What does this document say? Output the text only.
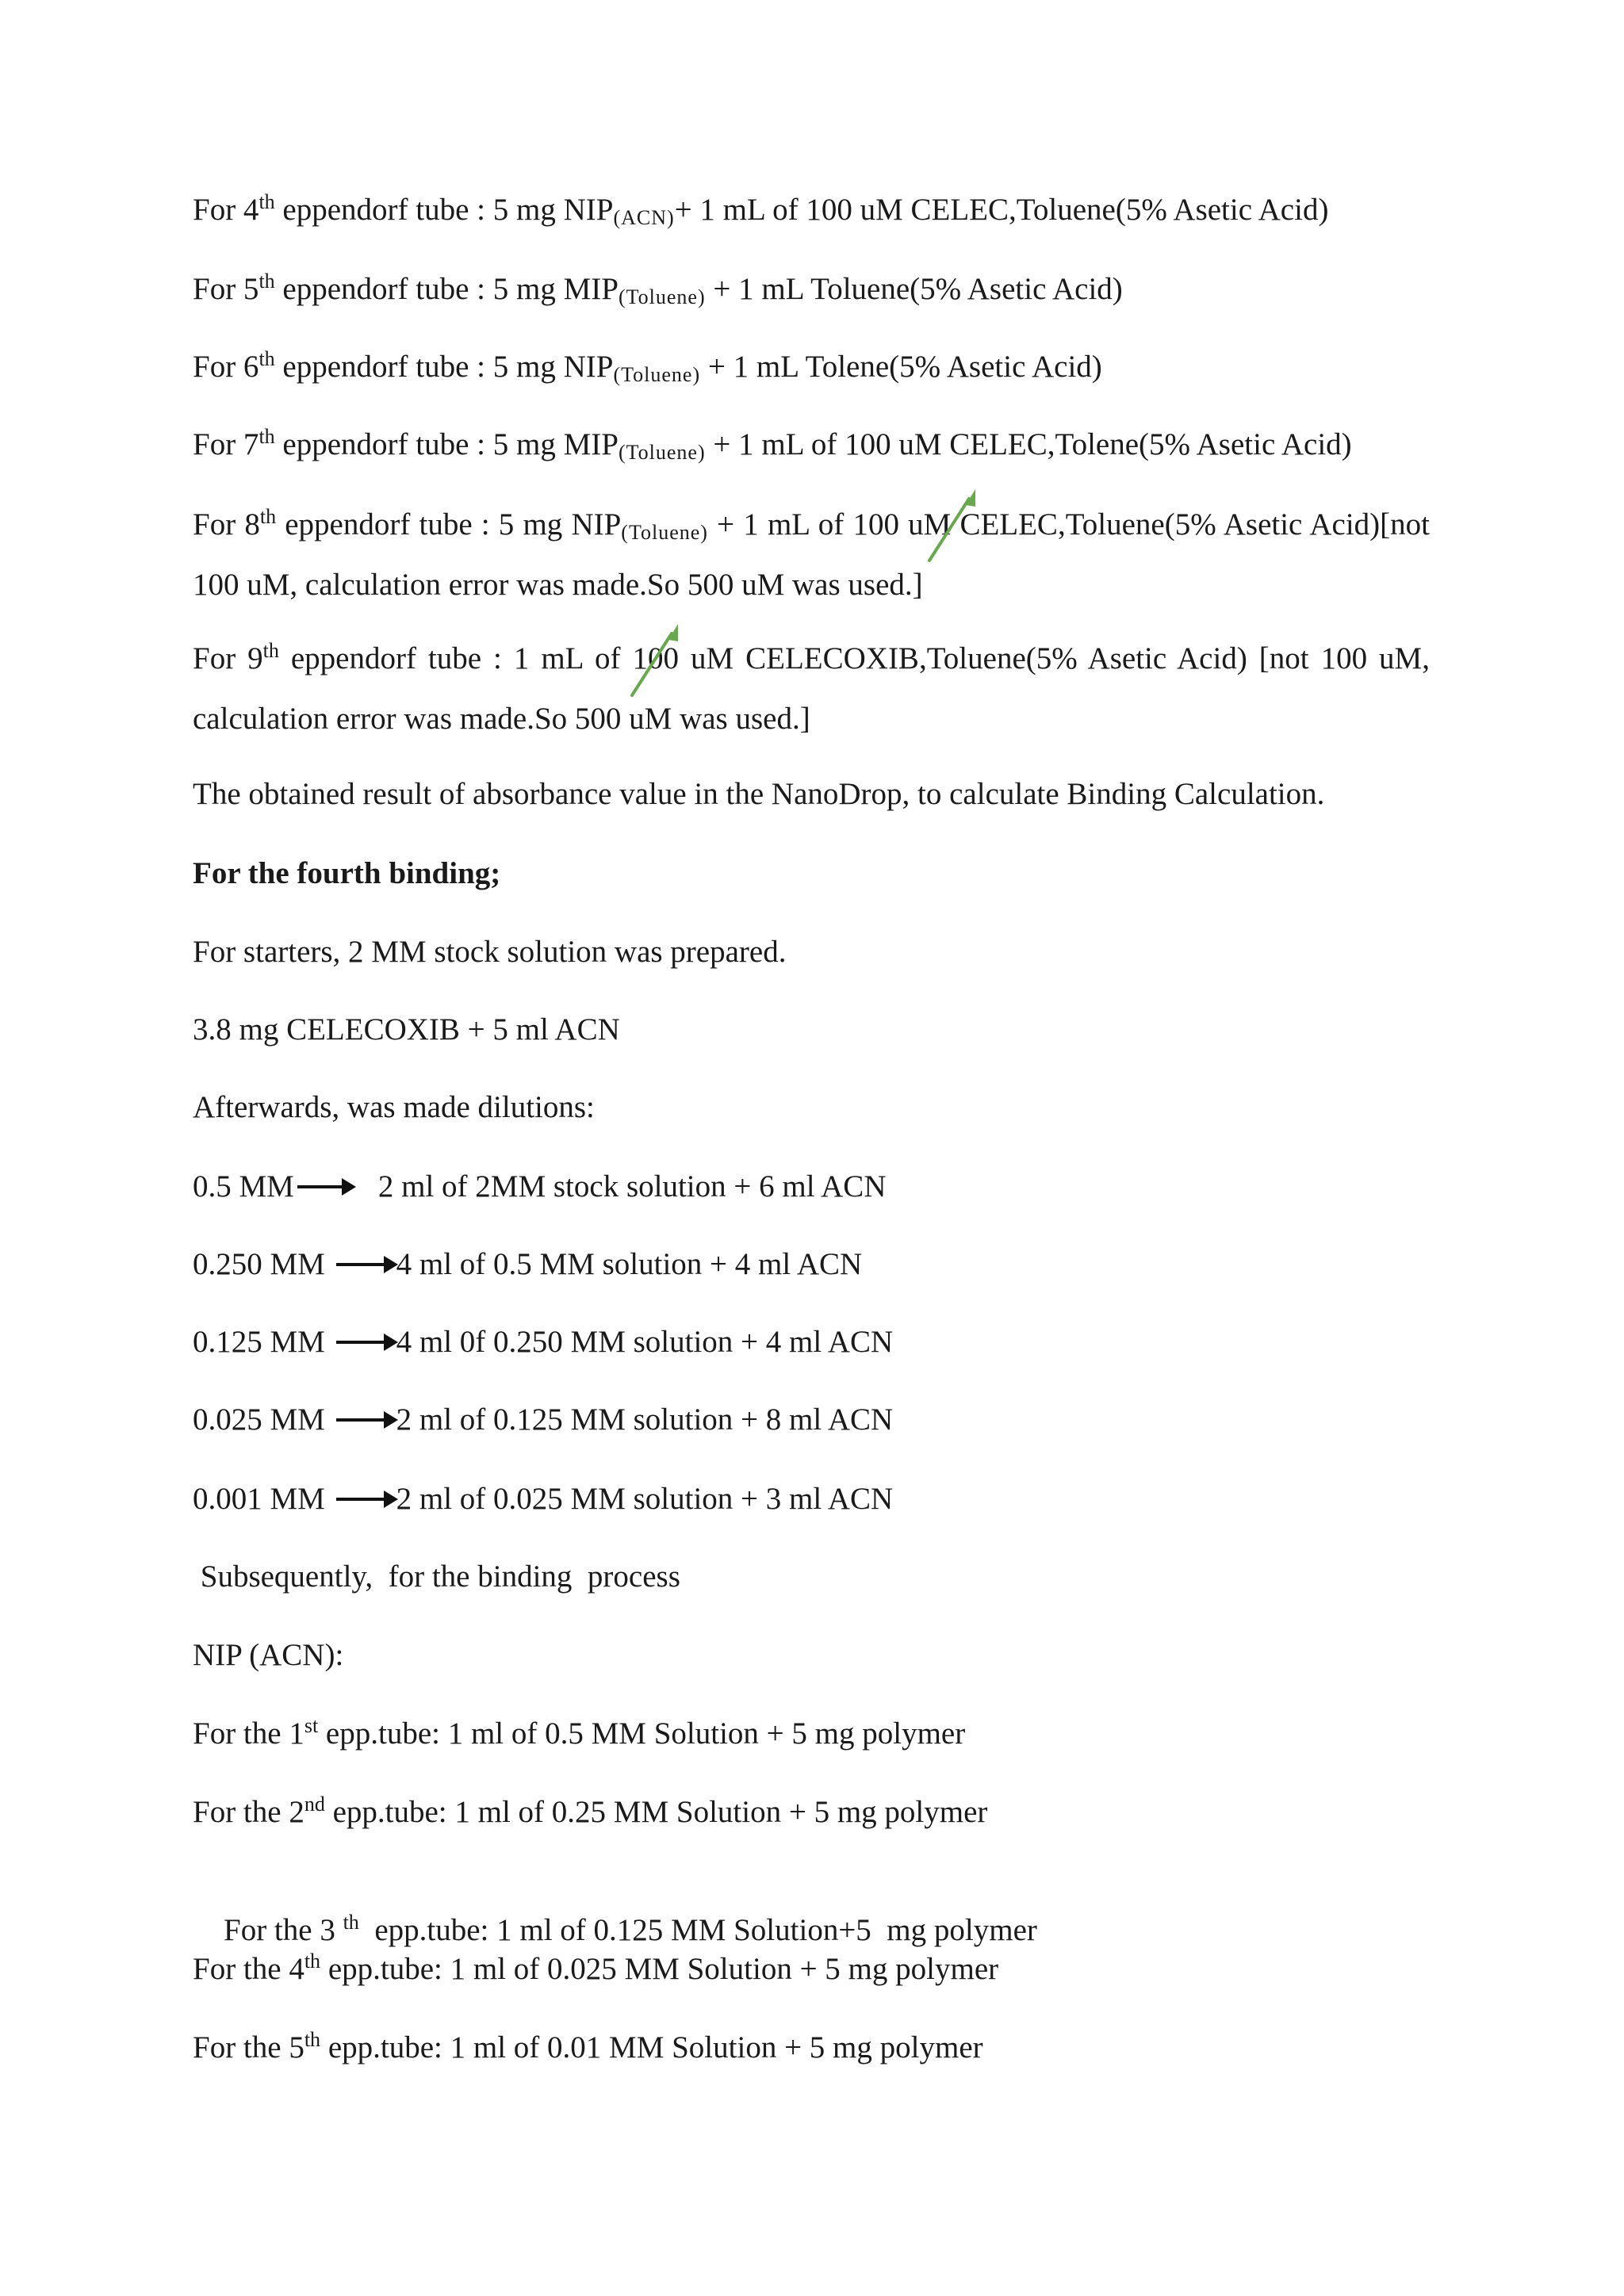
For 4th eppendorf tube : 5 mg $NIP_{(ACN)}+ 1$ mL of 100 uM CELEC,Toluene(5% Asetic Acid)
For 5th eppendorf tube : 5 mg $MIP_{(Toluene)} + 1$ mL Toluene(5% Asetic Acid)
For 6th eppendorf tube : 5 mg $NIP_{(Toluene)} + 1$ mL Tolene(5% Asetic Acid)
For 7th eppendorf tube : 5 mg $MIP_{(Toluene)} + 1$ mL of 100 uM CELEC,Tolene(5% Asetic Acid)
For 8th eppendorf tube : 5 mg $NIP_{(Toluene)} + 1$ mL of 100 uM CELEC,Toluene(5% Asetic Acid)[not 100 uM, calculation error was made.So 500 uM was used.]
For 9th eppendorf tube : 1 mL of 100 uM CELECOXIB,Toluene(5% Asetic Acid) [not 100 uM, calculation error was made.So 500 uM was used.]
The obtained result of absorbance value in the NanoDrop, to calculate Binding Calculation.
For the fourth binding;
For starters, 2 MM stock solution was prepared.
3.8 mg CELECOXIB + 5 ml ACN
Afterwards, was made dilutions:
0.5 MM	2 ml of 2MM stock solution + 6 ml ACN
0.250 MM 4 ml of 0.5 MM solution + 4 ml ACN
0.125 MM 4 ml 0f 0.250 MM solution + 4 ml ACN
0.025 MM 2 ml of 0.125 MM solution + 8 ml ACN
0.001 MM 2 ml of 0.025 MM solution + 3 ml ACN
Subsequently,  for the binding  process
NIP (ACN):
For the 1st epp.tube: 1 ml of 0.5 MM Solution + 5 mg polymer
For the 2nd epp.tube: 1 ml of 0.25 MM Solution + 5 mg polymer

For the 3 $^{th}$  epp.tube: 1 ml of 0.125 MM Solution+5  mg polymer

For the 4th epp.tube: 1 ml of 0.025 MM Solution + 5 mg polymer
For the 5th epp.tube: 1 ml of 0.01 MM Solution + 5 mg polymer
